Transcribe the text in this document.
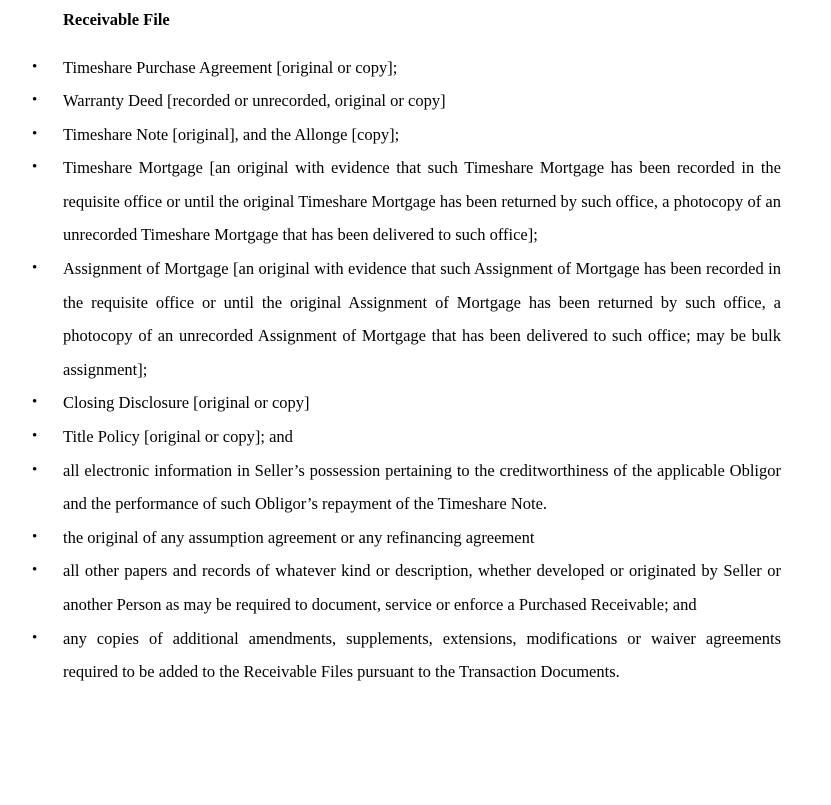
Receivable File
• Timeshare Purchase Agreement [original or copy];
• Warranty Deed [recorded or unrecorded, original or copy]
• Timeshare Note [original], and the Allonge [copy];
• Timeshare Mortgage [an original with evidence that such Timeshare Mortgage has been recorded in the requisite office or until the original Timeshare Mortgage has been returned by such office, a photocopy of an unrecorded Timeshare Mortgage that has been delivered to such office];
• Assignment of Mortgage [an original with evidence that such Assignment of Mortgage has been recorded in the requisite office or until the original Assignment of Mortgage has been returned by such office, a photocopy of an unrecorded Assignment of Mortgage that has been delivered to such office; may be bulk assignment];
• Closing Disclosure [original or copy]
• Title Policy [original or copy]; and
• all electronic information in Seller’s possession pertaining to the creditworthiness of the applicable Obligor and the performance of such Obligor’s repayment of the Timeshare Note.
• the original of any assumption agreement or any refinancing agreement
• all other papers and records of whatever kind or description, whether developed or originated by Seller or another Person as may be required to document, service or enforce a Purchased Receivable; and
• any copies of additional amendments, supplements, extensions, modifications or waiver agreements required to be added to the Receivable Files pursuant to the Transaction Documents.
